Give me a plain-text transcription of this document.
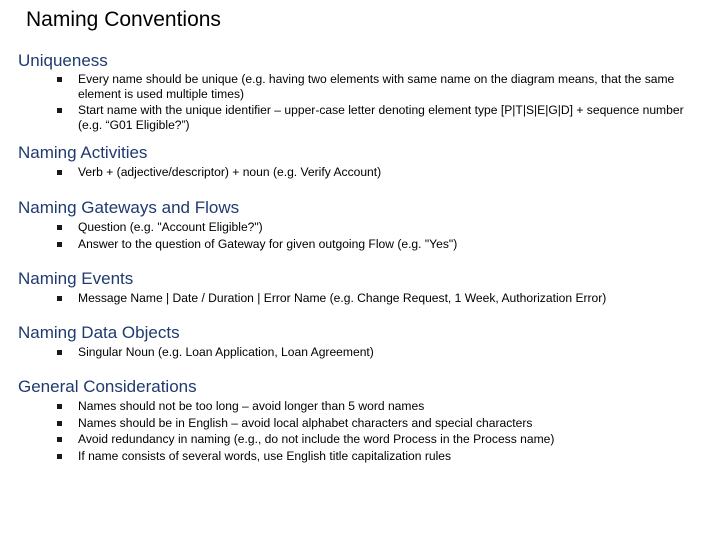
Naming Conventions
Uniqueness
Every name should be unique (e.g. having two elements with same name on the diagram means, that the same element is used multiple times)
Start name with the unique identifier – upper-case letter denoting element type [P|T|S|E|G|D] + sequence number (e.g. “G01 Eligible?”)
Naming Activities
Verb + (adjective/descriptor) + noun (e.g. Verify Account)
Naming Gateways and Flows
Question (e.g. "Account Eligible?")
Answer to the question of Gateway for given outgoing Flow (e.g. "Yes")
Naming Events
Message Name | Date / Duration | Error Name (e.g. Change Request, 1 Week, Authorization Error)
Naming Data Objects
Singular Noun (e.g. Loan Application, Loan Agreement)
General Considerations
Names should not be too long – avoid longer than 5 word names
Names should be in English – avoid local alphabet characters and special characters
Avoid redundancy in naming (e.g., do not include the word Process in the Process name)
If name consists of several words, use English title capitalization rules
